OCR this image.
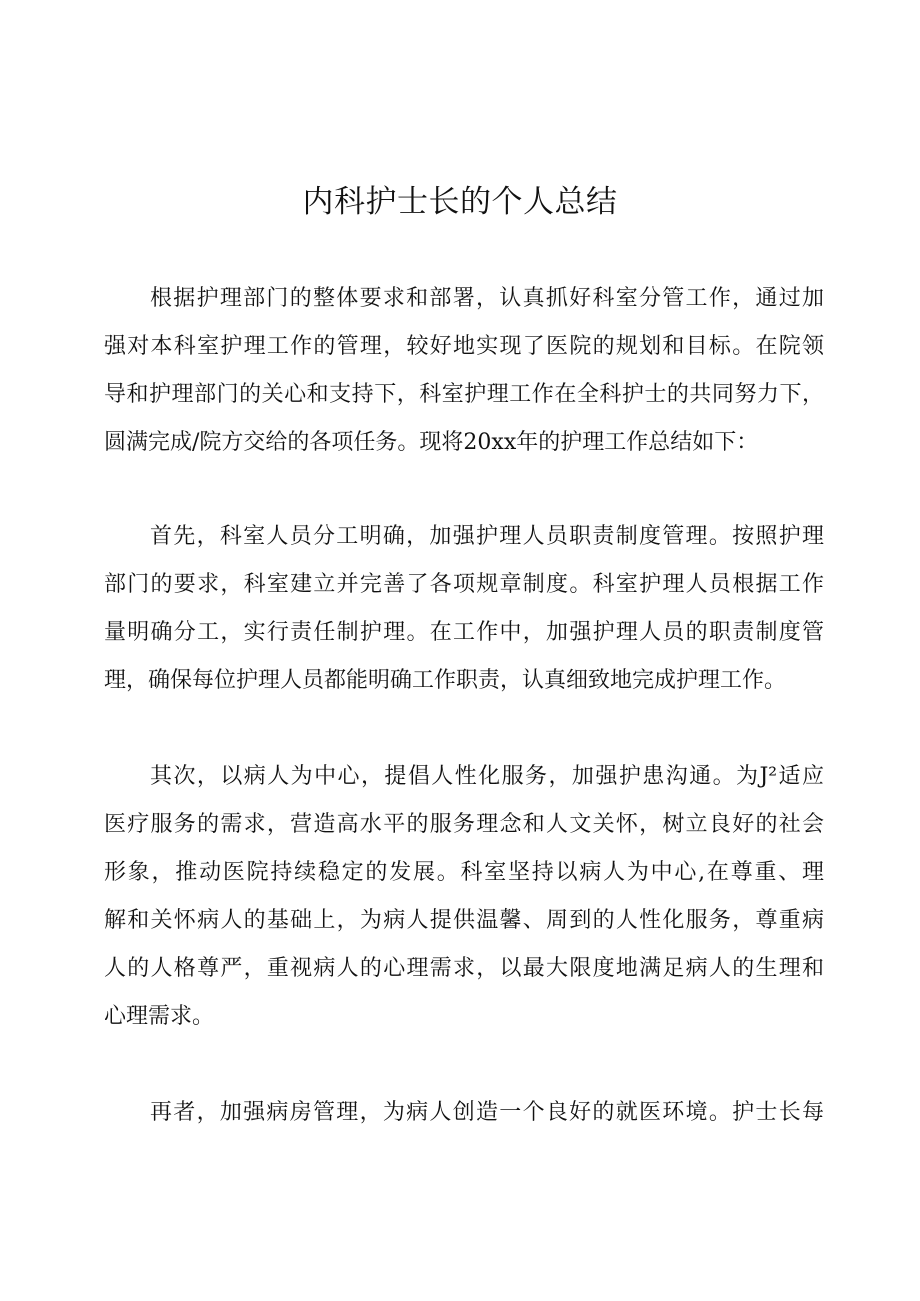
内科护士长的个人总结
根据护理部门的整体要求和部署，认真抓好科室分管工作，通过加
强对本科室护理工作的管理，较好地实现了医院的规划和目标。在院领
导和护理部门的关心和支持下，科室护理工作在全科护士的共同努力下，
圆满完成/院方交给的各项任务。现将20xx年的护理工作总结如下：
首先，科室人员分工明确，加强护理人员职责制度管理。按照护理
部门的要求，科室建立并完善了各项规章制度。科室护理人员根据工作
量明确分工，实行责任制护理。在工作中，加强护理人员的职责制度管
理，确保每位护理人员都能明确工作职责，认真细致地完成护理工作。
其次，以病人为中心，提倡人性化服务，加强护患沟通。为J²适应
医疗服务的需求，营造高水平的服务理念和人文关怀，树立良好的社会
形象，推动医院持续稳定的发展。科室坚持以病人为中心,在尊重、理
解和关怀病人的基础上，为病人提供温馨、周到的人性化服务，尊重病
人的人格尊严，重视病人的心理需求，以最大限度地满足病人的生理和
心理需求。
再者，加强病房管理，为病人创造一个良好的就医环境。护士长每
